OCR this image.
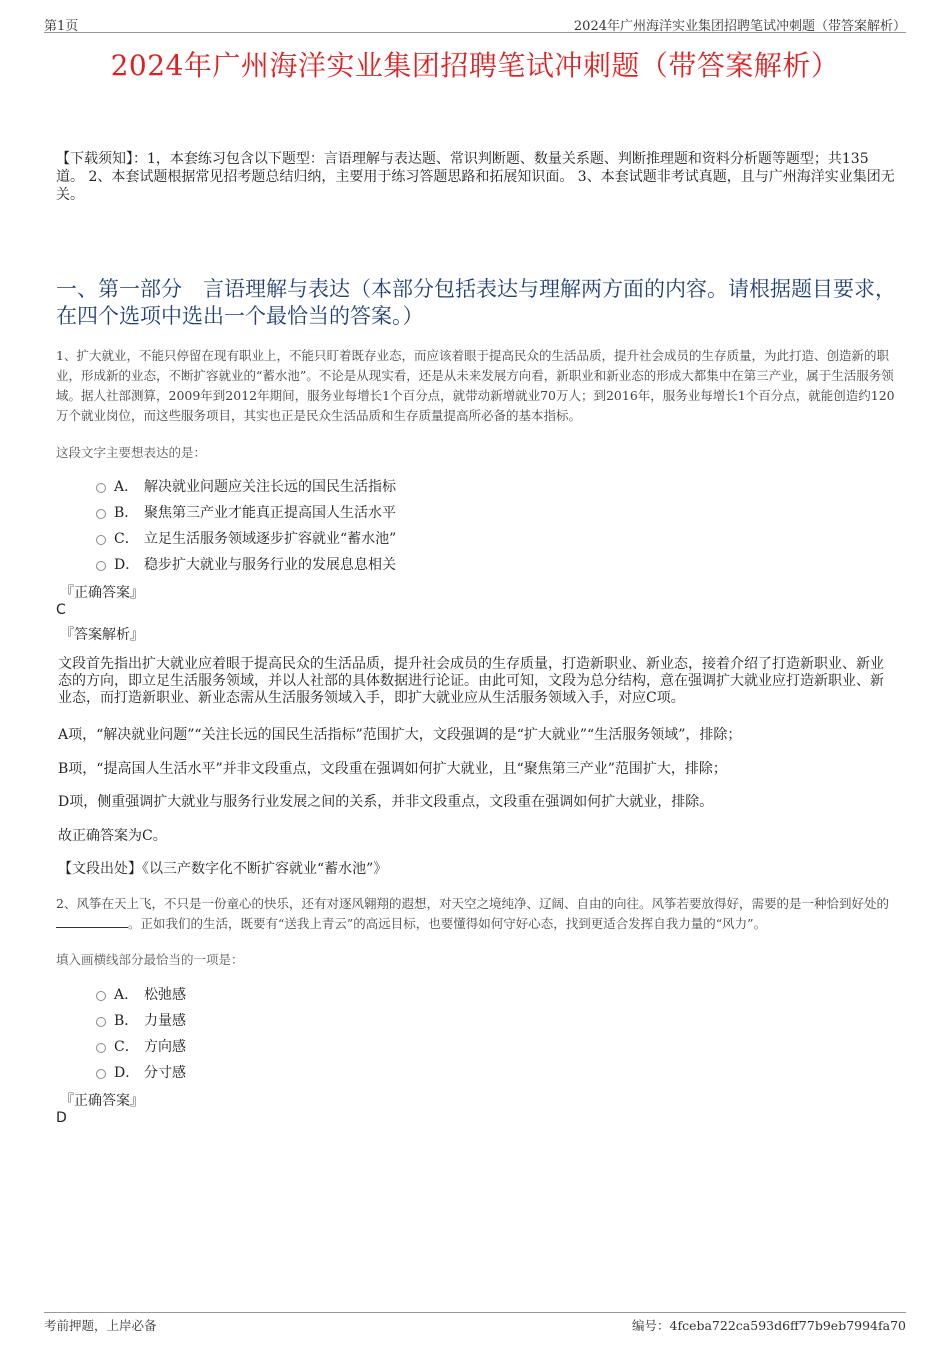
第1页	2024年广州海洋实业集团招聘笔试冲刺题（带答案解析）
2024年广州海洋实业集团招聘笔试冲刺题（带答案解析）
【下载须知】：1，本套练习包含以下题型：言语理解与表达题、常识判断题、数量关系题、判断推理题和资料分析题等题型；共135道。 2、本套试题根据常见招考题总结归纳，主要用于练习答题思路和拓展知识面。 3、本套试题非考试真题，且与广州海洋实业集团无关。
一、第一部分　言语理解与表达（本部分包括表达与理解两方面的内容。请根据题目要求，在四个选项中选出一个最恰当的答案。）
1、扩大就业，不能只停留在现有职业上，不能只盯着既存业态，而应该着眼于提高民众的生活品质，提升社会成员的生存质量，为此打造、创造新的职业，形成新的业态，不断扩容就业的“蓄水池”。不论是从现实看，还是从未来发展方向看，新职业和新业态的形成大都集中在第三产业，属于生活服务领域。据人社部测算，2009年到2012年期间，服务业每增长1个百分点，就带动新增就业70万人；到2016年，服务业每增长1个百分点，就能创造约120万个就业岗位，而这些服务项目，其实也正是民众生活品质和生存质量提高所必备的基本指标。
这段文字主要想表达的是：
A． 解决就业问题应关注长远的国民生活指标
B． 聚焦第三产业才能真正提高国人生活水平
C． 立足生活服务领域逐步扩容就业“蓄水池”
D． 稳步扩大就业与服务行业的发展息息相关
『正确答案』
C
『答案解析』
文段首先指出扩大就业应着眼于提高民众的生活品质，提升社会成员的生存质量，打造新职业、新业态，接着介绍了打造新职业、新业态的方向，即立足生活服务领域，并以人社部的具体数据进行论证。由此可知，文段为总分结构，意在强调扩大就业应打造新职业、新业态，而打造新职业、新业态需从生活服务领域入手，即扩大就业应从生活服务领域入手，对应C项。
A项，“解决就业问题”“关注长远的国民生活指标”范围扩大，文段强调的是“扩大就业”“生活服务领域”，排除；
B项，“提高国人生活水平”并非文段重点，文段重在强调如何扩大就业，且“聚焦第三产业”范围扩大，排除；
D项，侧重强调扩大就业与服务行业发展之间的关系，并非文段重点，文段重在强调如何扩大就业，排除。
故正确答案为C。
【文段出处】《以三产数字化不断扩容就业“蓄水池”》
2、风筝在天上飞，不只是一份童心的快乐，还有对逐风翱翔的遐想，对天空之境纯净、辽阔、自由的向往。风筝若要放得好，需要的是一种恰到好处的。正如我们的生活，既要有“送我上青云”的高远目标，也要懂得如何守好心态，找到更适合发挥自我力量的“风力”。
填入画横线部分最恰当的一项是：
A． 松弛感
B． 力量感
C． 方向感
D． 分寸感
『正确答案』
D
考前押题，上岸必备	编号：4fceba722ca593d6ff77b9eb7994fa70
